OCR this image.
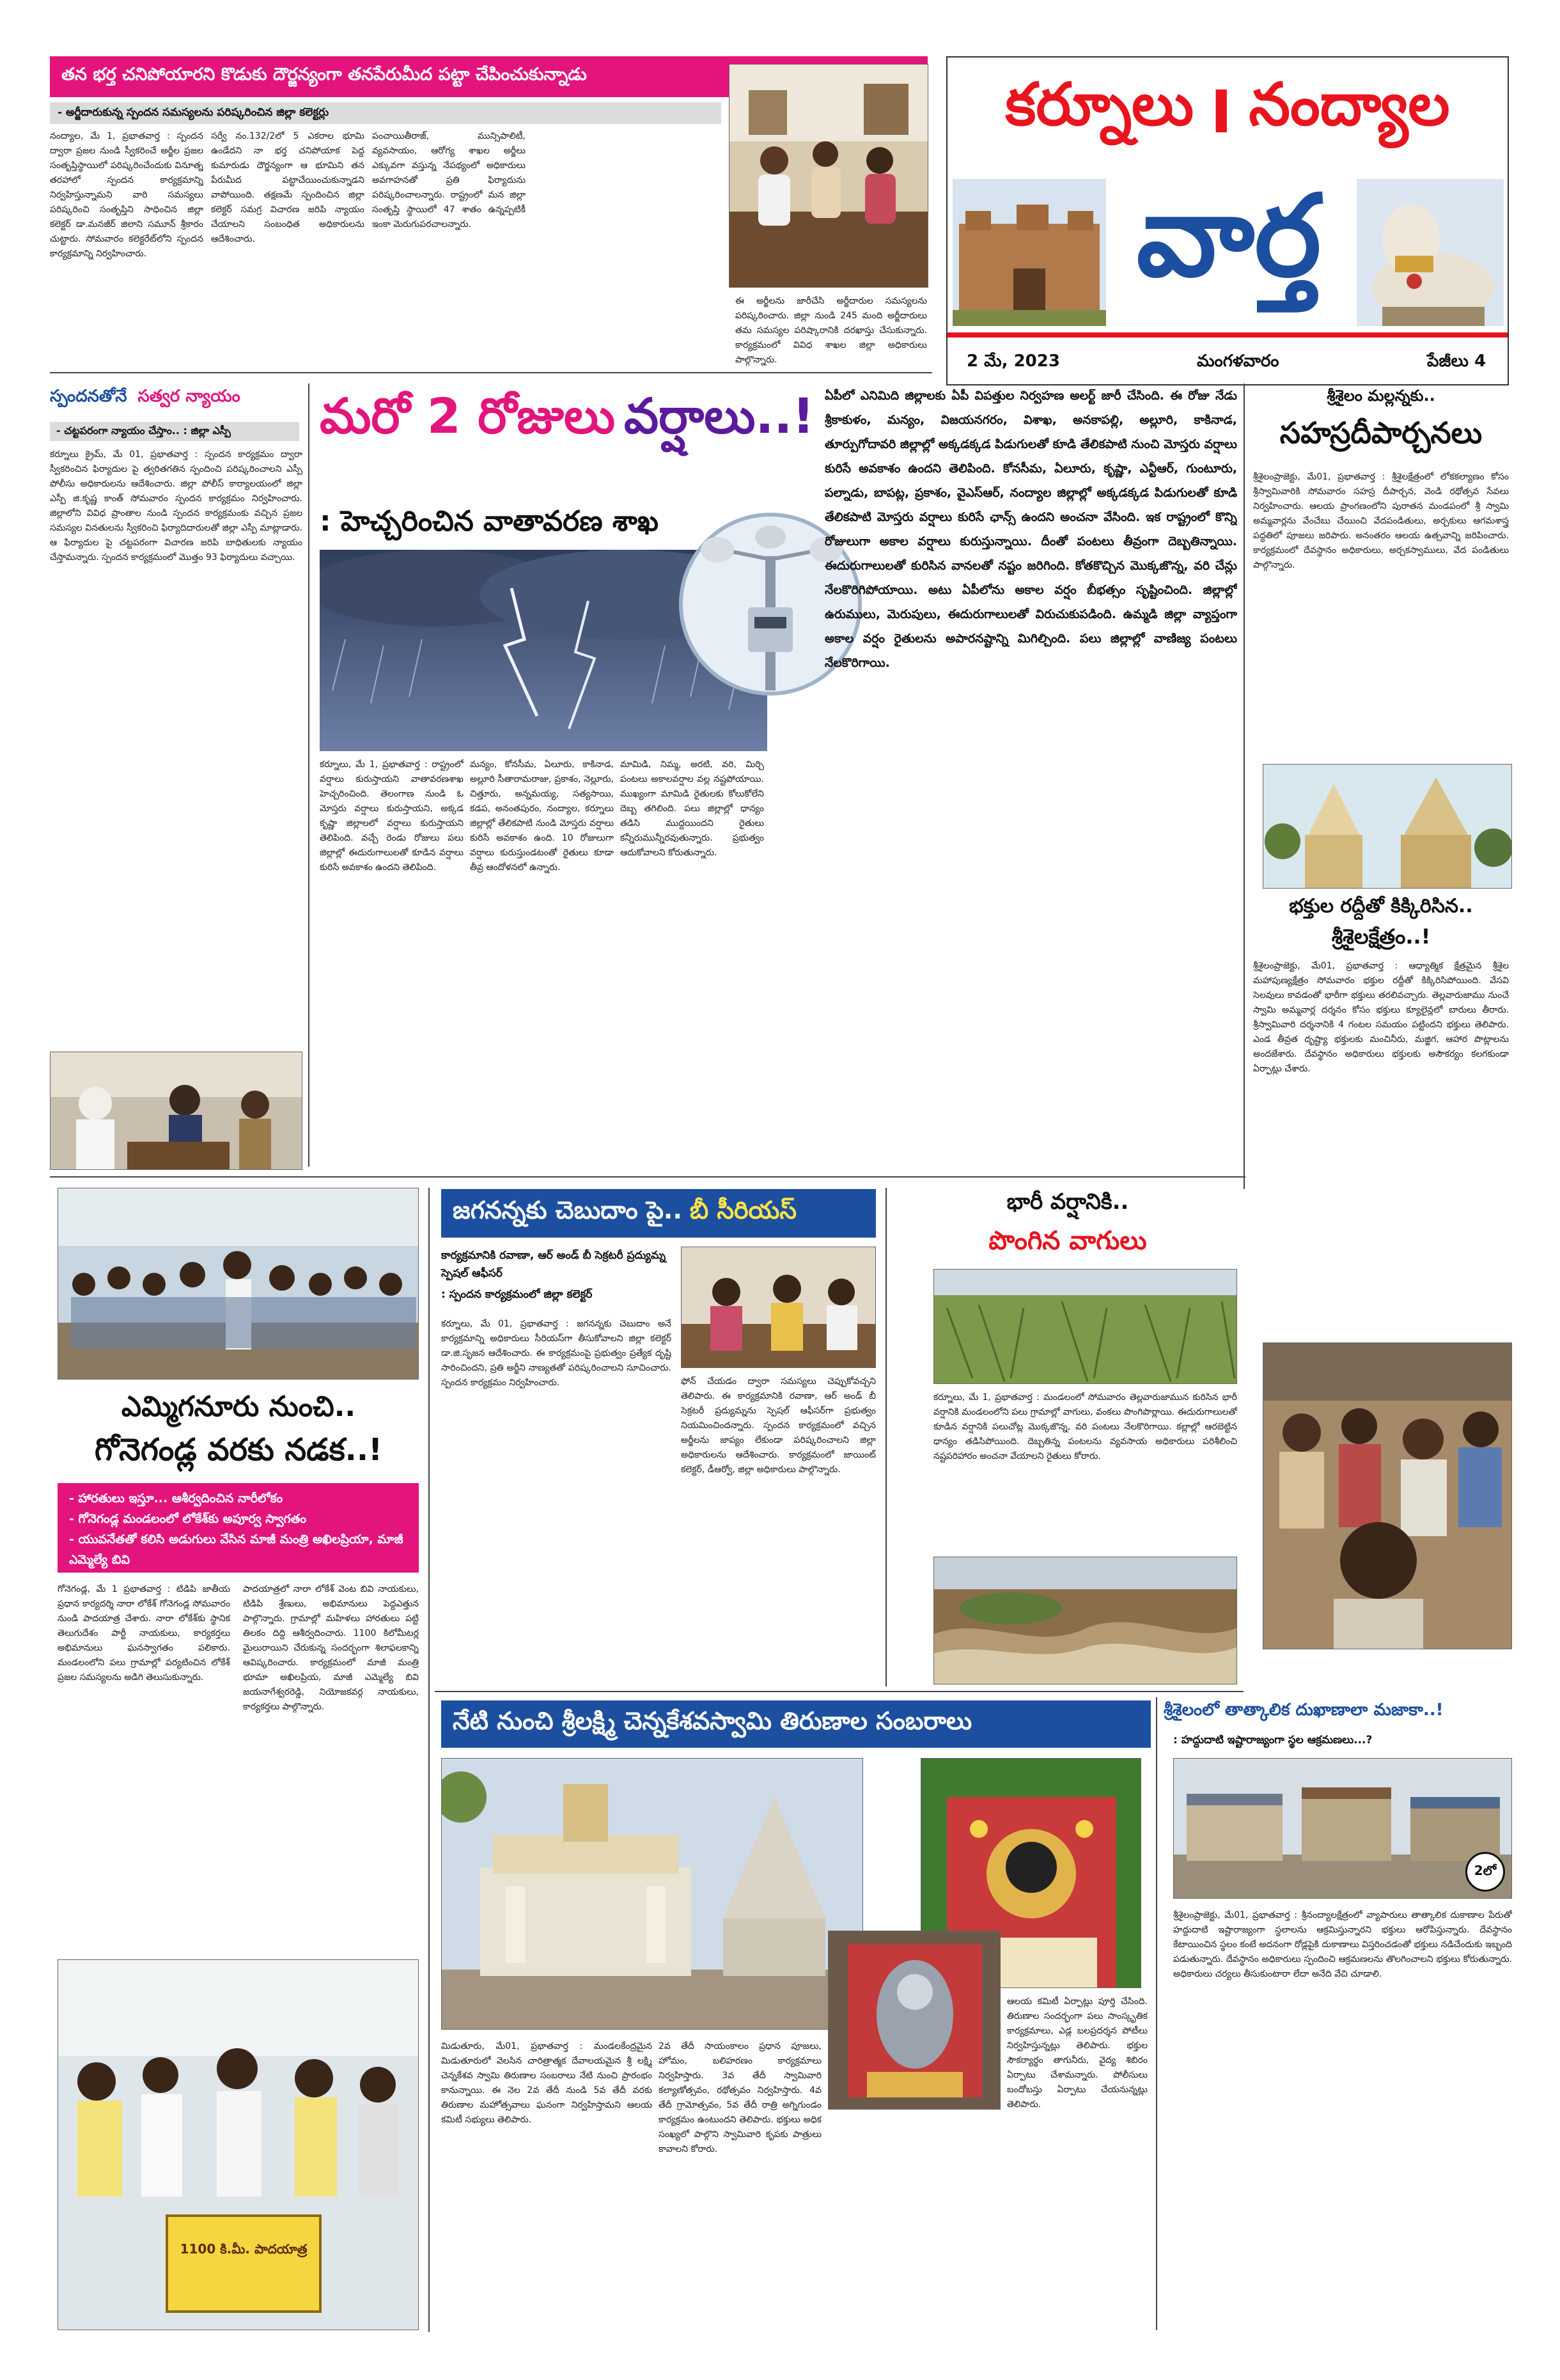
తన భర్త చనిపోయారని కొడుకు దౌర్జన్యంగా తనపేరుమీద పట్టా చేపించుకున్నాడు
- అర్జీదారుకున్న స్పందన సమస్యలను పరిష్కరించిన జిల్లా కలెక్టర్లు
నంద్యాల, మే 1, ప్రభాతవార్త : స్పందన ద్వారా ప్రజల నుండి స్వీకరించే అర్జీల ప్రజల సంతృప్తిస్థాయిలో పరిష్కరించేందుకు వినూత్న తరహాలో స్పందన కార్యక్రమాన్ని నిర్వహిస్తున్నామని వారి సమస్యలు పరిష్కరించి సంతృప్తిని సాధించిన జిల్లా కలెక్టర్ డా.మనజీర్ జిలాని సమూన్ శ్రీకారం చుట్టారు. సోమవారం కలెక్టరేట్‌లోని స్పందన కార్యక్రమాన్ని నిర్వహించారు.
సర్వే నం.132/2లో 5 ఎకరాల భూమి ఉండేదని నా భర్త చనిపోయాక పెద్ద కుమారుడు దౌర్జన్యంగా ఆ భూమిని తన పేరుమీద పట్టాచేయించుకున్నాడని వాపోయింది. తక్షణమే స్పందించిన జిల్లా కలెక్టర్ సమగ్ర విచారణ జరిపి న్యాయం చేయాలని సంబంధిత అధికారులను ఆదేశించారు.
పంచాయితీరాజ్, మున్సిపాలిటీ, వ్యవసాయం, ఆరోగ్య శాఖల అర్జీలు ఎక్కువగా వస్తున్న నేపథ్యంలో అధికారులు అవగాహనతో ప్రతి ఫిర్యాదును పరిష్కరించాలన్నారు. రాష్ట్రంలో మన జిల్లా సంతృప్తి స్థాయిలో 47 శాతం ఉన్నప్పటికీ ఇంకా మెరుగుపరచాలన్నారు.
ఈ అర్జీలను జారీచేసి అర్జీదారుల సమస్యలను పరిష్కరించారు. జిల్లా నుండి 245 మంది అర్జీదారులు తమ సమస్యల పరిష్కారానికి దరఖాస్తు చేసుకున్నారు. కార్యక్రమంలో వివిధ శాఖల జిల్లా అధికారులు పాల్గొన్నారు.
కర్నూలు I నంద్యాల
వార్త
2 మే, 2023	మంగళవారం	పేజీలు 4
స్పందనతోనే సత్వర న్యాయం
- చట్టపరంగా న్యాయం చేస్తాం.. : జిల్లా ఎస్పీ
కర్నూలు క్రైమ్, మే 01, ప్రభాతవార్త : స్పందన కార్యక్రమం ద్వారా స్వీకరించిన ఫిర్యాదుల పై త్వరితగతిన స్పందించి పరిష్కరించాలని ఎస్పీ పోలీసు అధికారులను ఆదేశించారు. జిల్లా పోలీస్ కార్యాలయంలో జిల్లా ఎస్పీ జి.కృష్ణ కాంత్ సోమవారం స్పందన కార్యక్రమం నిర్వహించారు. జిల్లాలోని వివిధ ప్రాంతాల నుండి స్పందన కార్యక్రమంకు వచ్చిన ప్రజల సమస్యల వినతులను స్వీకరించి ఫిర్యాదిదారులతో జిల్లా ఎస్పీ మాట్లాడారు. ఆ ఫిర్యాదుల పై చట్టపరంగా విచారణ జరిపి బాధితులకు న్యాయం చేస్తామన్నారు. స్పందన కార్యక్రమంలో మొత్తం 93 ఫిర్యాదులు వచ్చాయి.
మరో 2 రోజులు వర్షాలు..!
: హెచ్చరించిన వాతావరణ శాఖ
కర్నూలు, మే 1, ప్రభాతవార్త : రాష్ట్రంలో వర్షాలు కురుస్తాయని వాతావరణశాఖ హెచ్చరించింది. తెలంగాణ నుండి ఓ మోస్తరు వర్షాలు కురుస్తాయని, అక్కడ కృష్ణా జిల్లాలలో వర్షాలు కురుస్తాయని తెలిపింది. వచ్చే రెండు రోజులు పలు జిల్లాల్లో ఈదురుగాలులతో కూడిన వర్షాలు కురిసే అవకాశం ఉందని తెలిపింది.
మన్యం, కోనసీమ, ఏలూరు, కాకినాడ, అల్లూరి సీతారామరాజు, ప్రకాశం, నెల్లూరు, చిత్తూరు, అన్నమయ్య, సత్యసాయి, కడప, అనంతపురం, నంద్యాల, కర్నూలు జిల్లాల్లో తేలికపాటి నుండి మోస్తరు వర్షాలు కురిసే అవకాశం ఉంది. 10 రోజులుగా వర్షాలు కురుస్తుండటంతో రైతులు కూడా తీవ్ర ఆందోళనలో ఉన్నారు.
మామిడి, నిమ్మ, అరటి, వరి, మిర్చి పంటలు అకాలవర్షాల వల్ల నష్టపోయాయి. ముఖ్యంగా మామిడి రైతులకు కోలుకోలేని దెబ్బ తగిలింది. పలు జిల్లాల్లో ధాన్యం తడిసి ముద్దయిందని రైతులు కన్నీరుమున్నీరవుతున్నారు. ప్రభుత్వం ఆదుకోవాలని కోరుతున్నారు.
ఏపీలో ఎనిమిది జిల్లాలకు ఏపీ విపత్తుల నిర్వహణ అలర్ట్ జారీ చేసింది. ఈ రోజు నేడు శ్రీకాకుళం, మన్యం, విజయనగరం, విశాఖ, అనకాపల్లి, అల్లూరి, కాకినాడ, తూర్పుగోదావరి జిల్లాల్లో అక్కడక్కడ పిడుగులతో కూడి తేలికపాటి నుంచి మోస్తరు వర్షాలు కురిసే అవకాశం ఉందని తెలిపింది. కోనసీమ, ఏలూరు, కృష్ణా, ఎన్టీఆర్, గుంటూరు, పల్నాడు, బాపట్ల, ప్రకాశం, వైఎస్ఆర్, నంద్యాల జిల్లాల్లో అక్కడక్కడ పిడుగులతో కూడి తేలికపాటి మోస్తరు వర్షాలు కురిసే ఛాన్స్ ఉందని అంచనా వేసింది. ఇక రాష్ట్రంలో కొన్ని రోజులుగా అకాల వర్షాలు కురుస్తున్నాయి. దీంతో పంటలు తీవ్రంగా దెబ్బతిన్నాయి. ఈదురుగాలులతో కురిసిన వానలతో నష్టం జరిగింది. కోతకొచ్చిన మొక్కజొన్న, వరి చేన్లు నేలకొరిగిపోయాయి. అటు ఏపీలోను అకాల వర్షం బీభత్సం సృష్టించింది. జిల్లాల్లో ఉరుములు, మెరుపులు, ఈదురుగాలులతో విరుచుకుపడింది. ఉమ్మడి జిల్లా వ్యాప్తంగా అకాల వర్షం రైతులను అపారనష్టాన్ని మిగిల్చింది. పలు జిల్లాల్లో వాణిజ్య పంటలు నేలకొరిగాయి.
శ్రీశైలం మల్లన్నకు..
సహస్రదీపార్చనలు
శ్రీశైలంప్రాజెక్టు, మే01, ప్రభాతవార్త : శ్రీశైలక్షేత్రంలో లోకకల్యాణం కోసం శ్రీస్వామివారికి సోమవారం సహస్ర దీపార్చన, వెండి రథోత్సవ సేవలు నిర్వహించారు. ఆలయ ప్రాంగణంలోని పురాతన మండపంలో శ్రీ స్వామి అమ్మవార్లను వేంచేబు చేయించి వేదపండితులు, అర్చకులు ఆగమశాస్త్ర పద్ధతిలో పూజలు జరిపారు. అనంతరం ఆలయ ఉత్సవాన్ని జరిపించారు. కార్యక్రమంలో దేవస్థానం అధికారులు, అర్చకస్వాములు, వేద పండితులు పాల్గొన్నారు.
భక్తుల రద్దీతో కిక్కిరిసిన..
శ్రీశైలక్షేత్రం..!
శ్రీశైలంప్రాజెక్టు, మే01, ప్రభాతవార్త : ఆధ్యాత్మిక క్షేత్రమైన శ్రీశైల మహాపుణ్యక్షేత్రం సోమవారం భక్తుల రద్దీతో కిక్కిరిసిపోయింది. వేసవి సెలవులు కావడంతో భారీగా భక్తులు తరలివచ్చారు. తెల్లవారుజాము నుంచే స్వామి అమ్మవార్ల దర్శనం కోసం భక్తులు క్యూలైన్లలో బారులు తీరారు. శ్రీస్వామివారి దర్శనానికి 4 గంటల సమయం పట్టిందని భక్తులు తెలిపారు. ఎండ తీవ్రత దృష్ట్యా భక్తులకు మంచినీరు, మజ్జిగ, ఆహార పొట్లాలను అందజేశారు. దేవస్థానం అధికారులు భక్తులకు అసౌకర్యం కలగకుండా ఏర్పాట్లు చేశారు.
ఎమ్మిగనూరు నుంచి..
గోనెగండ్ల వరకు నడక..!
- హారతులు ఇస్తూ... ఆశీర్వదించిన నారీలోకం
- గోనెగండ్ల మండలంలో లోకేశ్‌కు అపూర్వ స్వాగతం
- యువనేతతో కలిసి అడుగులు వేసిన మాజీ మంత్రి అఖిలప్రియా, మాజీ ఎమ్మెల్యే బివి
గోనెగండ్ల, మే 1 ప్రభాతవార్త : టిడిపి జాతీయ ప్రధాన కార్యదర్శి నారా లోకేశ్ గోనెగండ్ల సోమవారం నుండి పాదయాత్ర చేశారు. నారా లోకేశ్‌కు స్థానిక తెలుగుదేశం పార్టీ నాయకులు, కార్యకర్తలు అభిమానులు ఘనస్వాగతం పలికారు. మండలంలోని పలు గ్రామాల్లో పర్యటించిన లోకేశ్ ప్రజల సమస్యలను అడిగి తెలుసుకున్నారు.
పాదయాత్రలో నారా లోకేశ్ వెంట బివి నాయకులు, టిడిపి శ్రేణులు, అభిమానులు పెద్దఎత్తున పాల్గొన్నారు. గ్రామాల్లో మహిళలు హారతులు పట్టి తిలకం దిద్ది ఆశీర్వదించారు. 1100 కిలోమీటర్ల మైలురాయిని చేరుకున్న సందర్భంగా శిలాఫలకాన్ని ఆవిష్కరించారు. కార్యక్రమంలో మాజీ మంత్రి భూమా అఖిలప్రియ, మాజీ ఎమ్మెల్యే బివి జయనాగేశ్వరరెడ్డి, నియోజకవర్గ నాయకులు, కార్యకర్తలు పాల్గొన్నారు.
1100 కి.మీ. పాదయాత్ర
జగనన్నకు చెబుదాం పై.. బీ సీరియస్
కార్యక్రమానికి రవాణా, ఆర్ అండ్ బీ సెక్రటరీ ప్రద్యుమ్న స్పెషల్ ఆఫీసర్
: స్పందన కార్యక్రమంలో జిల్లా కలెక్టర్
కర్నూలు, మే 01, ప్రభాతవార్త : జగనన్నకు చెబుదాం అనే కార్యక్రమాన్ని అధికారులు సీరియస్‌గా తీసుకోవాలని జిల్లా కలెక్టర్ డా.జి.సృజన ఆదేశించారు. ఈ కార్యక్రమంపై ప్రభుత్వం ప్రత్యేక దృష్టి సారించిందని, ప్రతి అర్జీని నాణ్యతతో పరిష్కరించాలని సూచించారు. స్పందన కార్యక్రమం నిర్వహించారు.	ఫోన్ చేయడం ద్వారా సమస్యలు చెప్పుకోవచ్చని తెలిపారు. ఈ కార్యక్రమానికి రవాణా, ఆర్ అండ్ బీ సెక్రటరీ ప్రద్యుమ్నను స్పెషల్ ఆఫీసర్‌గా ప్రభుత్వం నియమించిందన్నారు. స్పందన కార్యక్రమంలో వచ్చిన అర్జీలను జాప్యం లేకుండా పరిష్కరించాలని జిల్లా అధికారులను ఆదేశించారు. కార్యక్రమంలో జాయింట్ కలెక్టర్, డీఆర్వో, జిల్లా అధికారులు పాల్గొన్నారు.
భారీ వర్షానికి..
పొంగిన వాగులు
కర్నూలు, మే 1, ప్రభాతవార్త : మండలంలో సోమవారం తెల్లవారుజామున కురిసిన భారీ వర్షానికి మండలంలోని పలు గ్రామాల్లో వాగులు, వంకలు పొంగిపొర్లాయి. ఈదురుగాలులతో కూడిన వర్షానికి పలుచోట్ల మొక్కజొన్న, వరి పంటలు నేలకొరిగాయి. కల్లాల్లో ఆరబెట్టిన ధాన్యం తడిసిపోయింది. దెబ్బతిన్న పంటలను వ్యవసాయ అధికారులు పరిశీలించి నష్టపరిహారం అంచనా వేయాలని రైతులు కోరారు.
నేటి నుంచి శ్రీలక్ష్మి చెన్నకేశవస్వామి తిరుణాల సంబరాలు
మిడుతూరు, మే01, ప్రభాతవార్త : మండలకేంద్రమైన మిడుతూరులో వెలసిన చారిత్రాత్మక దేవాలయమైన శ్రీ లక్ష్మి చెన్నకేశవ స్వామి తిరుణాల సంబరాలు నేటి నుంచి ప్రారంభం కానున్నాయి. ఈ నెల 2వ తేదీ నుండి 5వ తేదీ వరకు తిరుణాల మహోత్సవాలు ఘనంగా నిర్వహిస్తామని ఆలయ కమిటీ సభ్యులు తెలిపారు.
2వ తేదీ సాయంకాలం ప్రధాన పూజలు, హోమం, బలిహరణం కార్యక్రమాలు నిర్వహిస్తారు. 3వ తేదీ స్వామివారి కల్యాణోత్సవం, రథోత్సవం నిర్వహిస్తారు. 4వ తేదీ గ్రామోత్సవం, 5వ తేదీ రాత్రి అగ్నిగుండం కార్యక్రమం ఉంటుందని తెలిపారు. భక్తులు అధిక సంఖ్యలో పాల్గొని స్వామివారి కృపకు పాత్రులు కావాలని కోరారు.
ఆలయ కమిటీ ఏర్పాట్లు పూర్తి చేసింది. తిరుణాల సందర్భంగా పలు సాంస్కృతిక కార్యక్రమాలు, ఎడ్ల బలప్రదర్శన పోటీలు నిర్వహిస్తున్నట్లు తెలిపారు. భక్తుల సౌకర్యార్థం తాగునీరు, వైద్య శిబిరం ఏర్పాటు చేశామన్నారు. పోలీసులు బందోబస్తు ఏర్పాటు చేయనున్నట్లు తెలిపారు.
శ్రీశైలంలో తాత్కాలిక దుఖాణాలా మజాకా..!
: హద్దుదాటి ఇష్టారాజ్యంగా స్థల ఆక్రమణలు...?
2లో
శ్రీశైలంప్రాజెక్టు, మే01, ప్రభాతవార్త : శ్రీనంద్యాలక్షేత్రంలో వ్యాపారులు తాత్కాలిక దుకాణాల పేరుతో హద్దుదాటి ఇష్టారాజ్యంగా స్థలాలను ఆక్రమిస్తున్నారని భక్తులు ఆరోపిస్తున్నారు. దేవస్థానం కేటాయించిన స్థలం కంటే అదనంగా రోడ్లపైకి దుకాణాలు విస్తరించడంతో భక్తులు నడిచేందుకు ఇబ్బంది పడుతున్నారు. దేవస్థానం అధికారులు స్పందించి ఆక్రమణలను తొలగించాలని భక్తులు కోరుతున్నారు. అధికారులు చర్యలు తీసుకుంటారా లేదా అనేది వేచి చూడాలి.
